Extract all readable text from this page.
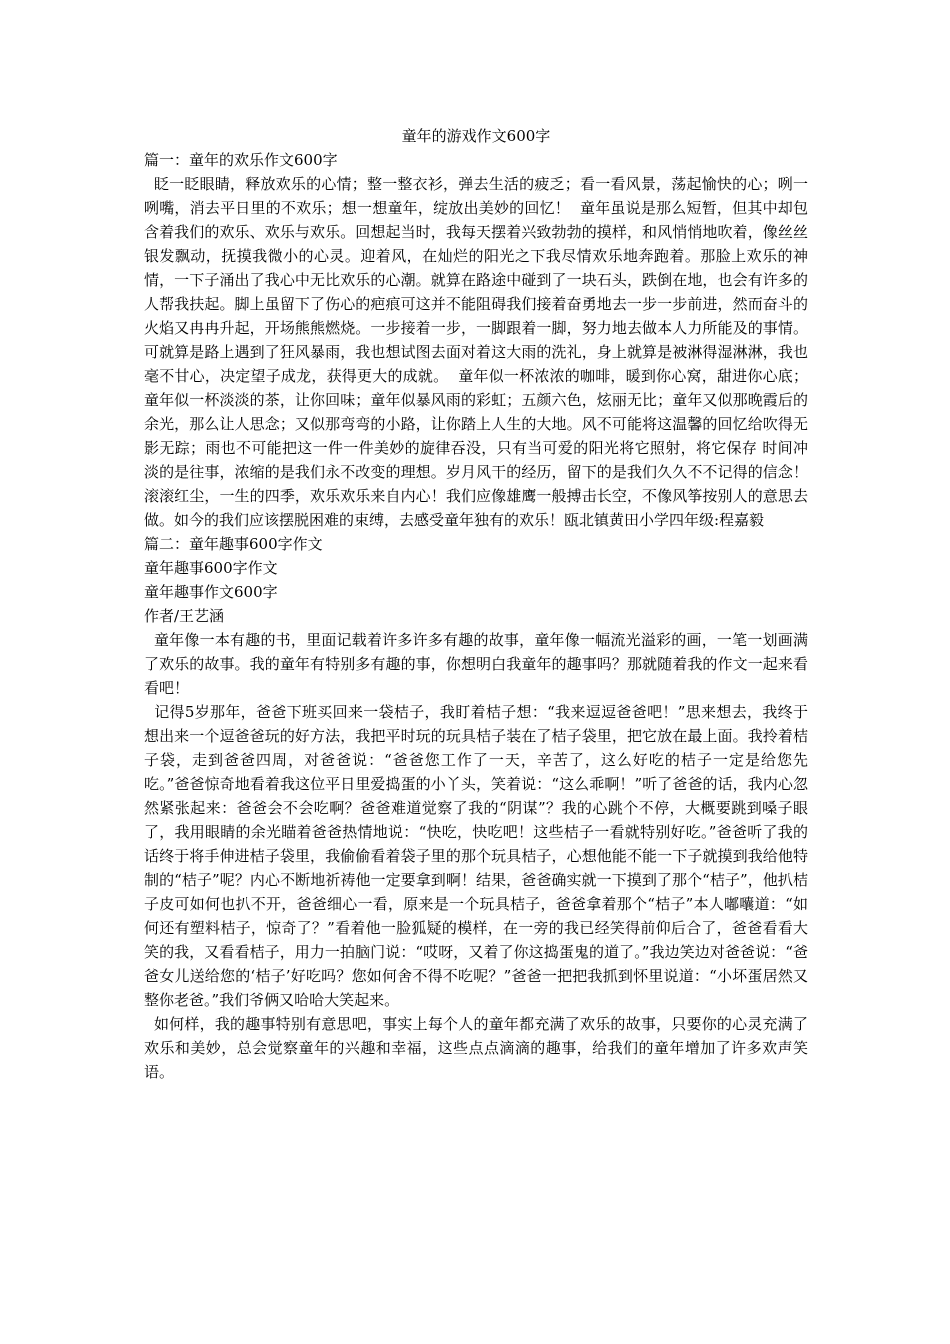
童年的游戏作文600字

篇一：童年的欢乐作文600字

眨一眨眼睛，释放欢乐的心情；整一整衣衫，弹去生活的疲乏；看一看风景，荡起愉快的心；咧一咧嘴，消去平日里的不欢乐；想一想童年，绽放出美妙的回忆！  童年虽说是那么短暂，但其中却包含着我们的欢乐、欢乐与欢乐。回想起当时，我每天摆着兴致勃勃的摸样，和风悄悄地吹着，像丝丝银发飘动，抚摸我微小的心灵。迎着风，在灿烂的阳光之下我尽情欢乐地奔跑着。那脸上欢乐的神情，一下子涌出了我心中无比欢乐的心潮。就算在路途中碰到了一块石头，跌倒在地，也会有许多的人帮我扶起。脚上虽留下了伤心的疤痕可这并不能阻碍我们接着奋勇地去一步一步前进，然而奋斗的火焰又冉冉升起，开场熊熊燃烧。一步接着一步，一脚跟着一脚，努力地去做本人力所能及的事情。可就算是路上遇到了狂风暴雨，我也想试图去面对着这大雨的洗礼，身上就算是被淋得湿淋淋，我也毫不甘心，决定望子成龙，获得更大的成就。  童年似一杯浓浓的咖啡，暖到你心窝，甜进你心底；童年似一杯淡淡的茶，让你回味；童年似暴风雨的彩虹；五颜六色，炫丽无比；童年又似那晚霞后的余光，那么让人思念；又似那弯弯的小路，让你踏上人生的大地。风不可能将这温馨的回忆给吹得无影无踪；雨也不可能把这一件一件美妙的旋律吞没，只有当可爱的阳光将它照射，将它保存 时间冲淡的是往事，浓缩的是我们永不改变的理想。岁月风干的经历，留下的是我们久久不不记得的信念！滚滚红尘，一生的四季，欢乐欢乐来自内心！我们应像雄鹰一般搏击长空，不像风筝按别人的意思去做。如今的我们应该摆脱困难的束缚，去感受童年独有的欢乐！瓯北镇黄田小学四年级:程嘉毅

篇二：童年趣事600字作文

童年趣事600字作文

童年趣事作文600字

作者/王艺涵

童年像一本有趣的书，里面记载着许多许多有趣的故事，童年像一幅流光溢彩的画，一笔一划画满了欢乐的故事。我的童年有特别多有趣的事，你想明白我童年的趣事吗？那就随着我的作文一起来看看吧！

记得5岁那年，爸爸下班买回来一袋桔子，我盯着桔子想：“我来逗逗爸爸吧！”思来想去，我终于想出来一个逗爸爸玩的好方法，我把平时玩的玩具桔子装在了桔子袋里，把它放在最上面。我拎着桔子袋，走到爸爸四周，对爸爸说：“爸爸您工作了一天，辛苦了，这么好吃的桔子一定是给您先吃。”爸爸惊奇地看着我这位平日里爱捣蛋的小丫头，笑着说：“这么乖啊！”听了爸爸的话，我内心忽然紧张起来：爸爸会不会吃啊？爸爸难道觉察了我的“阴谋”？我的心跳个不停，大概要跳到嗓子眼了，我用眼睛的余光瞄着爸爸热情地说：“快吃，快吃吧！这些桔子一看就特别好吃。”爸爸听了我的话终于将手伸进桔子袋里，我偷偷看着袋子里的那个玩具桔子，心想他能不能一下子就摸到我给他特制的“桔子”呢？内心不断地祈祷他一定要拿到啊！结果，爸爸确实就一下摸到了那个“桔子”，他扒桔子皮可如何也扒不开，爸爸细心一看，原来是一个玩具桔子，爸爸拿着那个“桔子”本人嘟囔道：“如何还有塑料桔子，惊奇了？”看着他一脸狐疑的模样，在一旁的我已经笑得前仰后合了，爸爸看看大笑的我，又看看桔子，用力一拍脑门说：“哎呀，又着了你这捣蛋鬼的道了。”我边笑边对爸爸说：“爸爸女儿送给您的‘桔子’好吃吗？您如何舍不得不吃呢？”爸爸一把把我抓到怀里说道：“小坏蛋居然又整你老爸。”我们爷俩又哈哈大笑起来。

如何样，我的趣事特别有意思吧，事实上每个人的童年都充满了欢乐的故事，只要你的心灵充满了欢乐和美妙，总会觉察童年的兴趣和幸福，这些点点滴滴的趣事，给我们的童年增加了许多欢声笑语。
